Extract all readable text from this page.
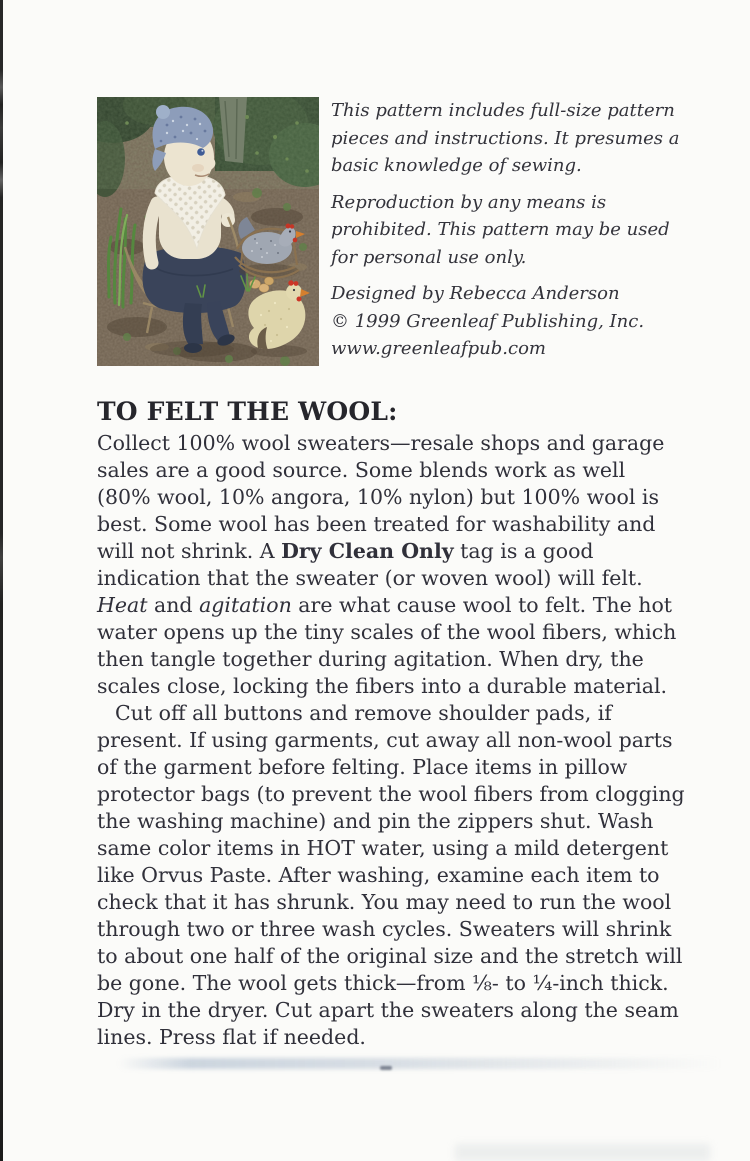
This pattern includes full-size pattern
pieces and instructions. It presumes a
basic knowledge of sewing.
Reproduction by any means is
prohibited. This pattern may be used
for personal use only.
Designed by Rebecca Anderson
© 1999 Greenleaf Publishing, Inc.
www.greenleafpub.com
TO FELT THE WOOL:

Collect 100% wool sweaters—resale shops and garage sales are a good source. Some blends work as well (80% wool, 10% angora, 10% nylon) but 100% wool is best. Some wool has been treated for washability and will not shrink. A Dry Clean Only tag is a good indication that the sweater (or woven wool) will felt. Heat and agitation are what cause wool to felt. The hot water opens up the tiny scales of the wool fibers, which then tangle together during agitation. When dry, the scales close, locking the fibers into a durable material.

Cut off all buttons and remove shoulder pads, if present. If using garments, cut away all non-wool parts of the garment before felting. Place items in pillow protector bags (to prevent the wool fibers from clogging the washing machine) and pin the zippers shut. Wash same color items in HOT water, using a mild detergent like Orvus Paste. After washing, examine each item to check that it has shrunk. You may need to run the wool through two or three wash cycles. Sweaters will shrink to about one half of the original size and the stretch will be gone. The wool gets thick—from ⅛- to ¼-inch thick. Dry in the dryer. Cut apart the sweaters along the seam lines. Press flat if needed.
